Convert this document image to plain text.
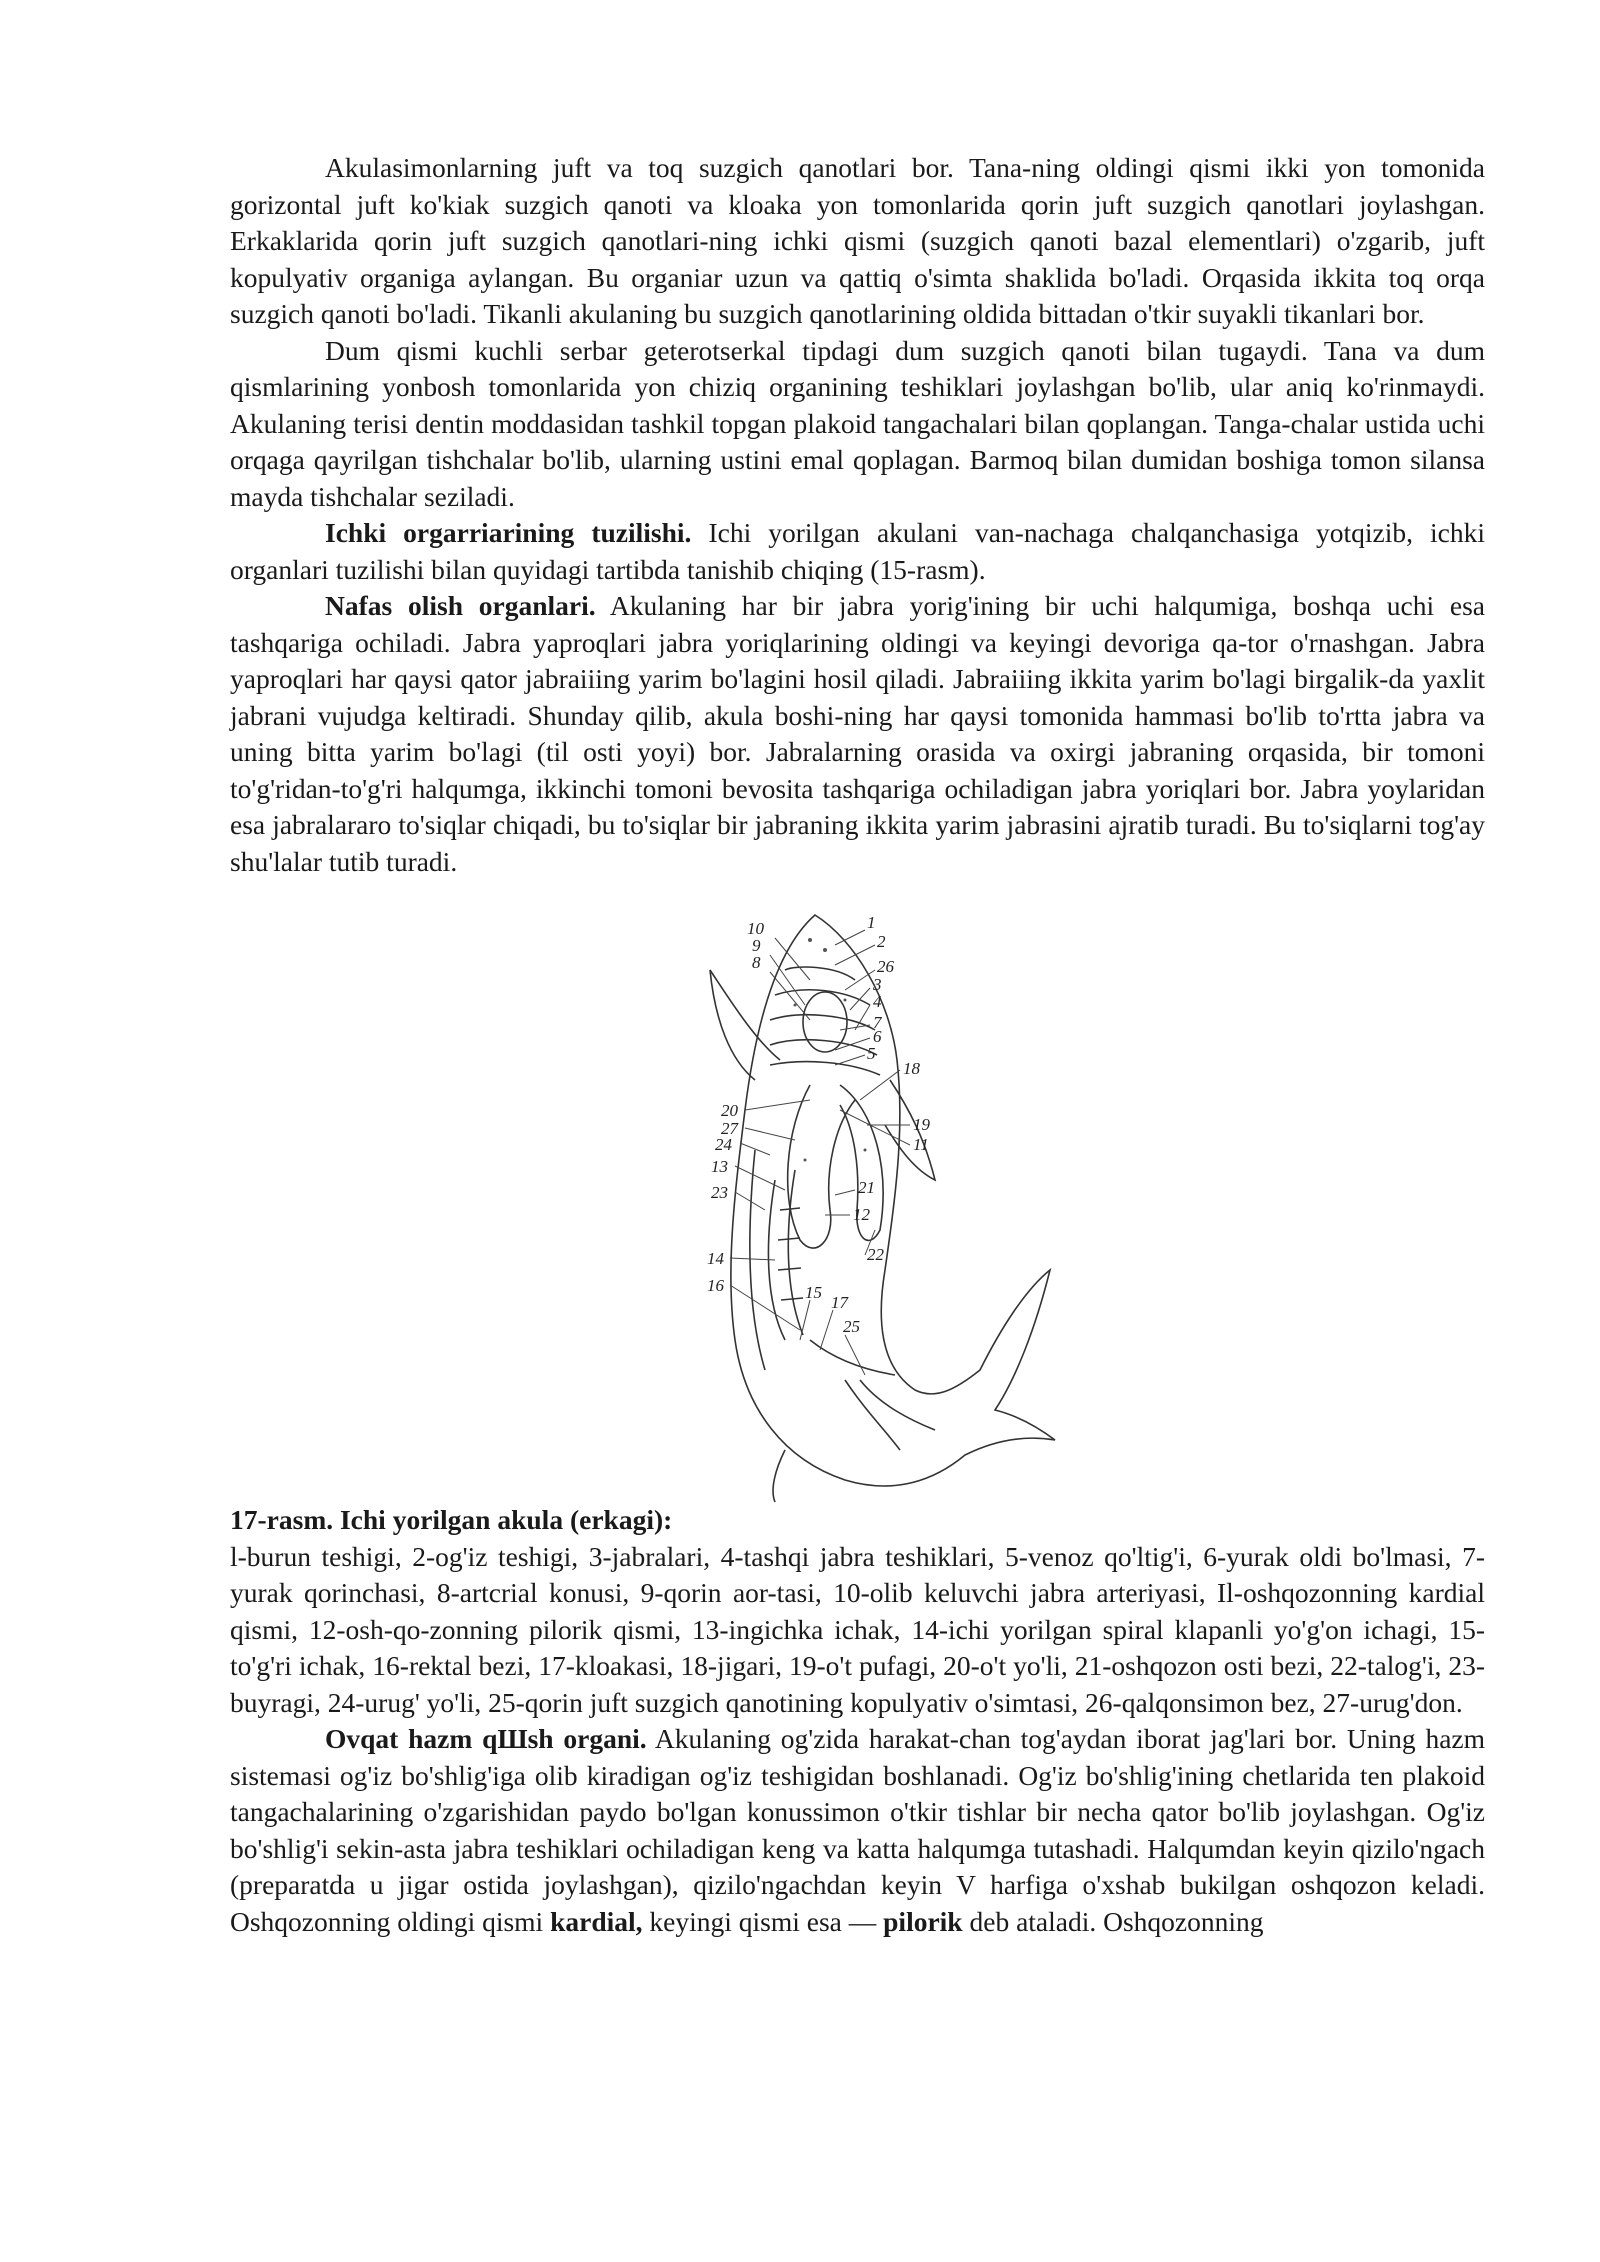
Akulasimonlarning juft va toq suzgich qanotlari bor. Tana-ning oldingi qismi ikki yon tomonida gorizontal juft ko'kiak suzgich qanoti va kloaka yon tomonlarida qorin juft suzgich qanotlari joylashgan. Erkaklarida qorin juft suzgich qanotlari-ning ichki qismi (suzgich qanoti bazal elementlari) o'zgarib, juft kopulyativ organiga aylangan. Bu organiar uzun va qattiq o'simta shaklida bo'ladi. Orqasida ikkita toq orqa suzgich qanoti bo'ladi. Tikanli akulaning bu suzgich qanotlarining oldida bittadan o'tkir suyakli tikanlari bor.

Dum qismi kuchli serbar geterotserkal tipdagi dum suzgich qanoti bilan tugaydi. Tana va dum qismlarining yonbosh tomonlarida yon chiziq organining teshiklari joylashgan bo'lib, ular aniq ko'rinmaydi. Akulaning terisi dentin moddasidan tashkil topgan plakoid tangachalari bilan qoplangan. Tanga-chalar ustida uchi orqaga qayrilgan tishchalar bo'lib, ularning ustini emal qoplagan. Barmoq bilan dumidan boshiga tomon silansa mayda tishchalar seziladi.

Ichki orgarriarining tuzilishi. Ichi yorilgan akulani van-nachaga chalqanchasiga yotqizib, ichki organlari tuzilishi bilan quyidagi tartibda tanishib chiqing (15-rasm).

Nafas olish organlari. Akulaning har bir jabra yorig'ining bir uchi halqumiga, boshqa uchi esa tashqariga ochiladi. Jabra yaproqlari jabra yoriqlarining oldingi va keyingi devoriga qa-tor o'rnashgan. Jabra yaproqlari har qaysi qator jabraiiing yarim bo'lagini hosil qiladi. Jabraiiing ikkita yarim bo'lagi birgalik-da yaxlit jabrani vujudga keltiradi. Shunday qilib, akula boshi-ning har qaysi tomonida hammasi bo'lib to'rtta jabra va uning bitta yarim bo'lagi (til osti yoyi) bor. Jabralarning orasida va oxirgi jabraning orqasida, bir tomoni to'g'ridan-to'g'ri halqumga, ikkinchi tomoni bevosita tashqariga ochiladigan jabra yoriqlari bor. Jabra yoylaridan esa jabralararo to'siqlar chiqadi, bu to'siqlar bir jabraning ikkita yarim jabrasini ajratib turadi. Bu to'siqlarni tog'ay shu'lalar tutib turadi.

10
9
8
20
27
24
13
23
14
16
1
2
26
3
4
7
6
5
18
19
11
21
12
22
15
17
25

17-rasm. Ichi yorilgan akula (erkagi):

l-burun teshigi, 2-og'iz teshigi, 3-jabralari, 4-tashqi jabra teshiklari, 5-venoz qo'ltig'i, 6-yurak oldi bo'lmasi, 7-yurak qorinchasi, 8-artcrial konusi, 9-qorin aor-tasi, 10-olib keluvchi jabra arteriyasi, Il-oshqozonning kardial qismi, 12-osh-qo-zonning pilorik qismi, 13-ingichka ichak, 14-ichi yorilgan spiral klapanli yo'g'on ichagi, 15-to'g'ri ichak, 16-rektal bezi, 17-kloakasi, 18-jigari, 19-o't pufagi, 20-o't yo'li, 21-oshqozon osti bezi, 22-talog'i, 23-buyragi, 24-urug' yo'li, 25-qorin juft suzgich qanotining kopulyativ o'simtasi, 26-qalqonsimon bez, 27-urug'don.

Ovqat hazm qШsh organi. Akulaning og'zida harakat-chan tog'aydan iborat jag'lari bor. Uning hazm sistemasi og'iz bo'shlig'iga olib kiradigan og'iz teshigidan boshlanadi. Og'iz bo'shlig'ining chetlarida ten plakoid tangachalarining o'zgarishidan paydo bo'lgan konussimon o'tkir tishlar bir necha qator bo'lib joylashgan. Og'iz bo'shlig'i sekin-asta jabra teshiklari ochiladigan keng va katta halqumga tutashadi. Halqumdan keyin qizilo'ngach (preparatda u jigar ostida joylashgan), qizilo'ngachdan keyin V harfiga o'xshab bukilgan oshqozon keladi. Oshqozonning oldingi qismi kardial, keyingi qismi esa — pilorik deb ataladi. Oshqozonning
